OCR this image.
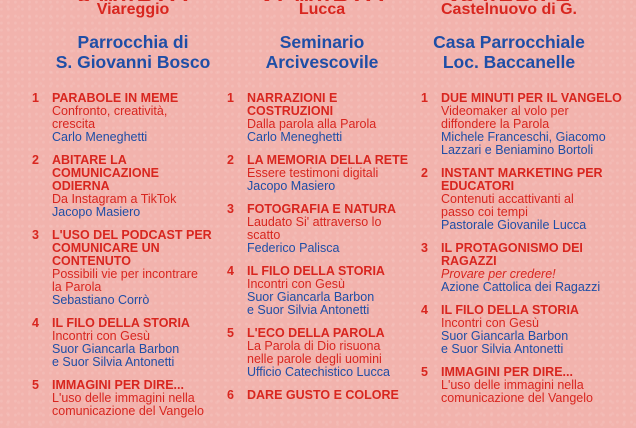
Viareggio
Parrocchia di
S. Giovanni Bosco
1 PARABOLE IN MEME
Confronto, creatività,
crescita
Carlo Meneghetti
2 ABITARE LA
COMUNICAZIONE ODIERNA
Da Instagram a TikTok
Jacopo Masiero
3 L'USO DEL PODCAST PER
COMUNICARE UN
CONTENUTO
Possibili vie per incontrare
la Parola
Sebastiano Corrò
4 IL FILO DELLA STORIA
Incontri con Gesù
Suor Giancarla Barbon
e Suor Silvia Antonetti
5 IMMAGINI PER DIRE...
L'uso delle immagini nella
comunicazione del Vangelo
Lucca
Seminario
Arcivescovile
1 NARRAZIONI E
COSTRUZIONI
Dalla parola alla Parola
Carlo Meneghetti
2 LA MEMORIA DELLA RETE
Essere testimoni digitali
Jacopo Masiero
3 FOTOGRAFIA E NATURA
Laudato Si' attraverso lo
scatto
Federico Palisca
4 IL FILO DELLA STORIA
Incontri con Gesù
Suor Giancarla Barbon
e Suor Silvia Antonetti
5 L'ECO DELLA PAROLA
La Parola di Dio risuona
nelle parole degli uomini
Ufficio Catechistico Lucca
6 DARE GUSTO E COLORE
Castelnuovo di G.
Casa Parrocchiale
Loc. Baccanelle
1 DUE MINUTI PER IL VANGELO
Videomaker al volo per
diffondere la Parola
Michele Franceschi, Giacomo
Lazzari e Beniamino Bortoli
2 INSTANT MARKETING PER
EDUCATORI
Contenuti accattivanti al
passo coi tempi
Pastorale Giovanile Lucca
3 IL PROTAGONISMO DEI
RAGAZZI
Provare per credere!
Azione Cattolica dei Ragazzi
4 IL FILO DELLA STORIA
Incontri con Gesù
Suor Giancarla Barbon
e Suor Silvia Antonetti
5 IMMAGINI PER DIRE...
L'uso delle immagini nella
comunicazione del Vangelo
